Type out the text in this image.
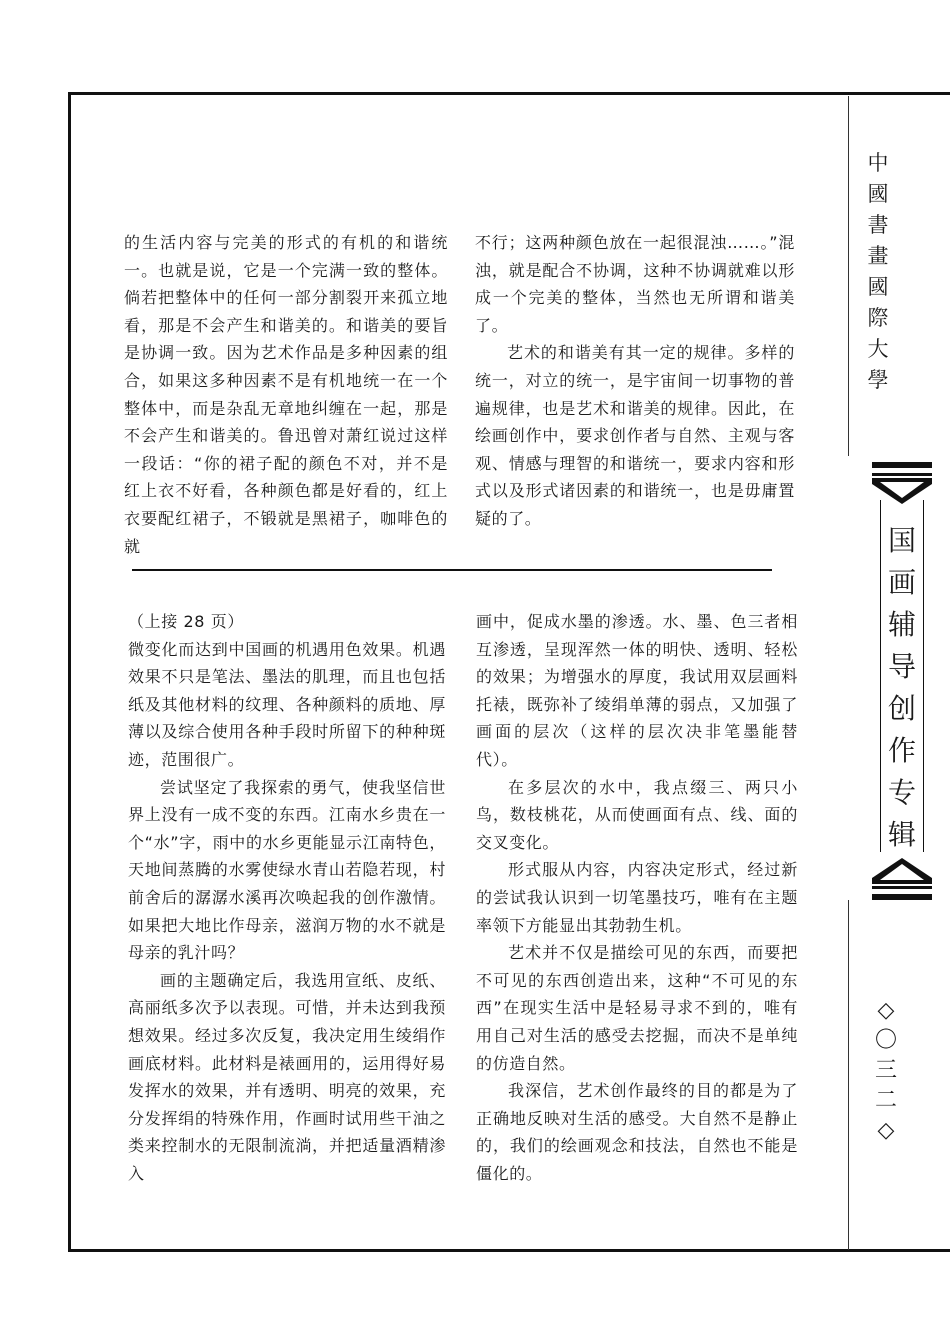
的生活内容与完美的形式的有机的和谐统一。也就是说，它是一个完满一致的整体。倘若把整体中的任何一部分割裂开来孤立地看，那是不会产生和谐美的。和谐美的要旨是协调一致。因为艺术作品是多种因素的组合，如果这多种因素不是有机地统一在一个整体中，而是杂乱无章地纠缠在一起，那是不会产生和谐美的。鲁迅曾对萧红说过这样一段话：“你的裙子配的颜色不对，并不是红上衣不好看，各种颜色都是好看的，红上衣要配红裙子，不锻就是黑裙子，咖啡色的就

不行；这两种颜色放在一起很混浊……。”混浊，就是配合不协调，这种不协调就难以形成一个完美的整体，当然也无所谓和谐美了。

艺术的和谐美有其一定的规律。多样的统一，对立的统一，是宇宙间一切事物的普遍规律，也是艺术和谐美的规律。因此，在绘画创作中，要求创作者与自然、主观与客观、情感与理智的和谐统一，要求内容和形式以及形式诸因素的和谐统一，也是毋庸置疑的了。

（上接 28 页）

微变化而达到中国画的机遇用色效果。机遇效果不只是笔法、墨法的肌理，而且也包括纸及其他材料的纹理、各种颜料的质地、厚薄以及综合使用各种手段时所留下的种种斑迹，范围很广。

尝试坚定了我探索的勇气，使我坚信世界上没有一成不变的东西。江南水乡贵在一个“水”字，雨中的水乡更能显示江南特色，天地间蒸腾的水雾使绿水青山若隐若现，村前舍后的潺潺水溪再次唤起我的创作激情。如果把大地比作母亲，滋润万物的水不就是母亲的乳汁吗？

画的主题确定后，我选用宣纸、皮纸、高丽纸多次予以表现。可惜，并未达到我预想效果。经过多次反复，我决定用生绫绢作画底材料。此材料是裱画用的，运用得好易发挥水的效果，并有透明、明亮的效果，充分发挥绢的特殊作用，作画时试用些干油之类来控制水的无限制流淌，并把适量酒精渗入

画中，促成水墨的渗透。水、墨、色三者相互渗透，呈现浑然一体的明快、透明、轻松的效果；为增强水的厚度，我试用双层画料托裱，既弥补了绫绢单薄的弱点，又加强了画面的层次（这样的层次决非笔墨能替代）。

在多层次的水中，我点缀三、两只小鸟，数枝桃花，从而使画面有点、线、面的交叉变化。

形式服从内容，内容决定形式，经过新的尝试我认识到一切笔墨技巧，唯有在主题率领下方能显出其勃勃生机。

艺术并不仅是描绘可见的东西，而要把不可见的东西创造出来，这种“不可见的东西”在现实生活中是轻易寻求不到的，唯有用自己对生活的感受去挖掘，而决不是单纯的仿造自然。

我深信，艺术创作最终的目的都是为了正确地反映对生活的感受。大自然不是静止的，我们的绘画观念和技法，自然也不能是僵化的。

中
國
書
畫
國
際
大
學
国
画
辅
导
创
作
专
辑
◇
〇
三
二
◇
